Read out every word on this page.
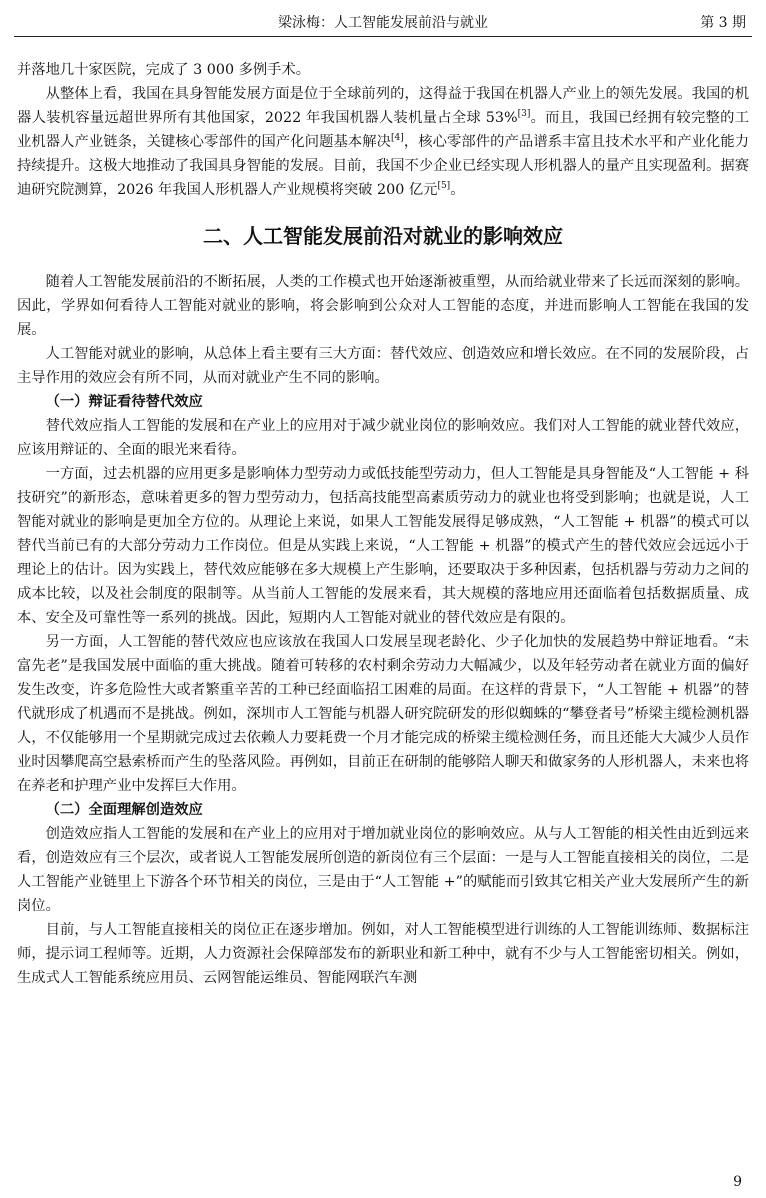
梁泳梅：人工智能发展前沿与就业	第 3 期

并落地几十家医院，完成了 3 000 多例手术。

从整体上看，我国在具身智能发展方面是位于全球前列的，这得益于我国在机器人产业上的领先发展。我国的机器人装机容量远超世界所有其他国家，2022 年我国机器人装机量占全球 53%[3]。而且，我国已经拥有较完整的工业机器人产业链条，关键核心零部件的国产化问题基本解决[4]，核心零部件的产品谱系丰富且技术水平和产业化能力持续提升。这极大地推动了我国具身智能的发展。目前，我国不少企业已经实现人形机器人的量产且实现盈利。据赛迪研究院测算，2026 年我国人形机器人产业规模将突破 200 亿元[5]。

二、人工智能发展前沿对就业的影响效应

随着人工智能发展前沿的不断拓展，人类的工作模式也开始逐渐被重塑，从而给就业带来了长远而深刻的影响。因此，学界如何看待人工智能对就业的影响，将会影响到公众对人工智能的态度，并进而影响人工智能在我国的发展。

人工智能对就业的影响，从总体上看主要有三大方面：替代效应、创造效应和增长效应。在不同的发展阶段，占主导作用的效应会有所不同，从而对就业产生不同的影响。

（一）辩证看待替代效应

替代效应指人工智能的发展和在产业上的应用对于减少就业岗位的影响效应。我们对人工智能的就业替代效应，应该用辩证的、全面的眼光来看待。

一方面，过去机器的应用更多是影响体力型劳动力或低技能型劳动力，但人工智能是具身智能及“人工智能 + 科技研究”的新形态，意味着更多的智力型劳动力，包括高技能型高素质劳动力的就业也将受到影响；也就是说，人工智能对就业的影响是更加全方位的。从理论上来说，如果人工智能发展得足够成熟，“人工智能 + 机器”的模式可以替代当前已有的大部分劳动力工作岗位。但是从实践上来说，“人工智能 + 机器”的模式产生的替代效应会远远小于理论上的估计。因为实践上，替代效应能够在多大规模上产生影响，还要取决于多种因素，包括机器与劳动力之间的成本比较，以及社会制度的限制等。从当前人工智能的发展来看，其大规模的落地应用还面临着包括数据质量、成本、安全及可靠性等一系列的挑战。因此，短期内人工智能对就业的替代效应是有限的。

另一方面，人工智能的替代效应也应该放在我国人口发展呈现老龄化、少子化加快的发展趋势中辩证地看。“未富先老”是我国发展中面临的重大挑战。随着可转移的农村剩余劳动力大幅减少，以及年轻劳动者在就业方面的偏好发生改变，许多危险性大或者繁重辛苦的工种已经面临招工困难的局面。在这样的背景下，“人工智能 + 机器”的替代就形成了机遇而不是挑战。例如，深圳市人工智能与机器人研究院研发的形似蜘蛛的“攀登者号”桥梁主缆检测机器人，不仅能够用一个星期就完成过去依赖人力要耗费一个月才能完成的桥梁主缆检测任务，而且还能大大减少人员作业时因攀爬高空悬索桥而产生的坠落风险。再例如，目前正在研制的能够陪人聊天和做家务的人形机器人，未来也将在养老和护理产业中发挥巨大作用。

（二）全面理解创造效应

创造效应指人工智能的发展和在产业上的应用对于增加就业岗位的影响效应。从与人工智能的相关性由近到远来看，创造效应有三个层次，或者说人工智能发展所创造的新岗位有三个层面：一是与人工智能直接相关的岗位，二是人工智能产业链里上下游各个环节相关的岗位，三是由于“人工智能 +”的赋能而引致其它相关产业大发展所产生的新岗位。

目前，与人工智能直接相关的岗位正在逐步增加。例如，对人工智能模型进行训练的人工智能训练师、数据标注师，提示词工程师等。近期，人力资源社会保障部发布的新职业和新工种中，就有不少与人工智能密切相关。例如，生成式人工智能系统应用员、云网智能运维员、智能网联汽车测

9
